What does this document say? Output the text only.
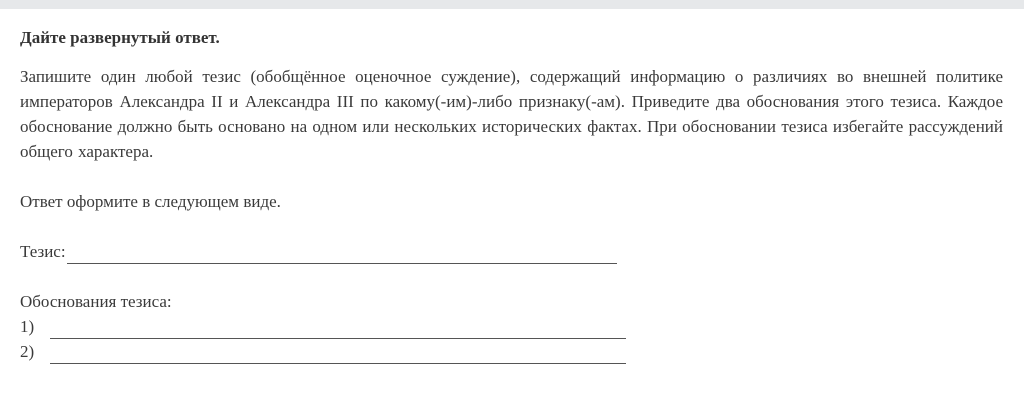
Дайте развернутый ответ.

Запишите один любой тезис (обобщённое оценочное суждение), содержащий информацию о различиях во внешней политике императоров Александра II и Александра III по какому(-им)-либо признаку(-ам). Приведите два обоснования этого тезиса. Каждое обоснование должно быть основано на одном или нескольких исторических фактах. При обосновании тезиса избегайте рассуждений общего характера.

Ответ оформите в следующем виде.

Тезис:
Обоснования тезиса:
1)
2)
